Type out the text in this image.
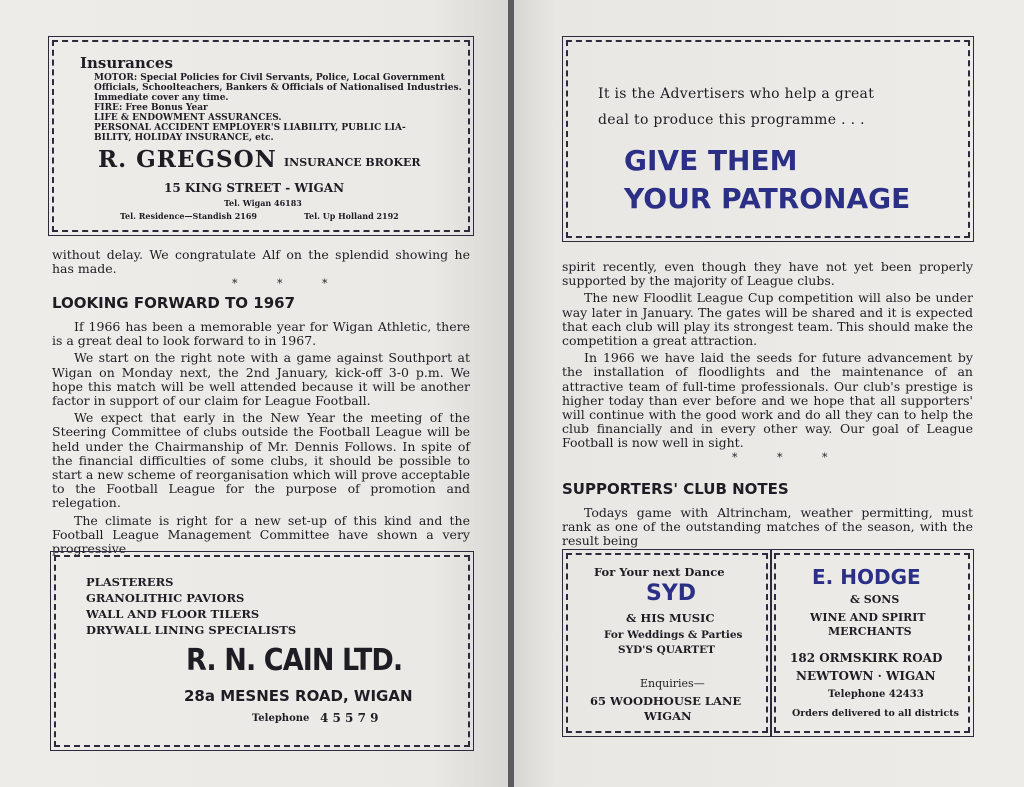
Insurances
MOTOR: Special Policies for Civil Servants, Police, Local Government
Officials, Schoolteachers, Bankers & Officials of Nationalised Industries.
Immediate cover any time.
FIRE: Free Bonus Year
LIFE & ENDOWMENT ASSURANCES.
PERSONAL ACCIDENT EMPLOYER'S LIABILITY, PUBLIC LIA-
BILITY, HOLIDAY INSURANCE, etc.
R. GREGSON INSURANCE BROKER
15 KING STREET - WIGAN
Tel. Wigan 46183
Tel. Residence—Standish 2169	Tel. Up Holland 2192

without delay. We congratulate Alf on the splendid showing he has made.

* * *
LOOKING FORWARD TO 1967

If 1966 has been a memorable year for Wigan Athletic, there is a great deal to look forward to in 1967.

We start on the right note with a game against Southport at Wigan on Monday next, the 2nd January, kick-off 3-0 p.m. We hope this match will be well attended because it will be another factor in support of our claim for League Football.

We expect that early in the New Year the meeting of the Steering Committee of clubs outside the Football League will be held under the Chairmanship of Mr. Dennis Follows. In spite of the financial difficulties of some clubs, it should be possible to start a new scheme of reorganisation which will prove acceptable to the Football League for the purpose of promotion and relegation.

The climate is right for a new set-up of this kind and the Football League Management Committee have shown a very progressive

PLASTERERS
GRANOLITHIC PAVIORS
WALL AND FLOOR TILERS
DRYWALL LINING SPECIALISTS
R. N. CAIN LTD.
28a MESNES ROAD, WIGAN
Telephone 4 5 5 7 9
It is the Advertisers who help a great
deal to produce this programme . . .
GIVE THEM
YOUR PATRONAGE

spirit recently, even though they have not yet been properly supported by the majority of League clubs.

The new Floodlit League Cup competition will also be under way later in January. The gates will be shared and it is expected that each club will play its strongest team. This should make the competition a great attraction.

In 1966 we have laid the seeds for future advancement by the installation of floodlights and the maintenance of an attractive team of full-time professionals. Our club's prestige is higher today than ever before and we hope that all supporters' will continue with the good work and do all they can to help the club financially and in every other way. Our goal of League Football is now well in sight.

* * *
SUPPORTERS' CLUB NOTES

Todays game with Altrincham, weather permitting, must rank as one of the outstanding matches of the season, with the result being

For Your next Dance
SYD
& HIS MUSIC
For Weddings & Parties
SYD'S QUARTET
Enquiries—
65 WOODHOUSE LANE
WIGAN
E. HODGE
& SONS
WINE AND SPIRIT
MERCHANTS
182 ORMSKIRK ROAD
NEWTOWN · WIGAN
Telephone 42433
Orders delivered to all districts
